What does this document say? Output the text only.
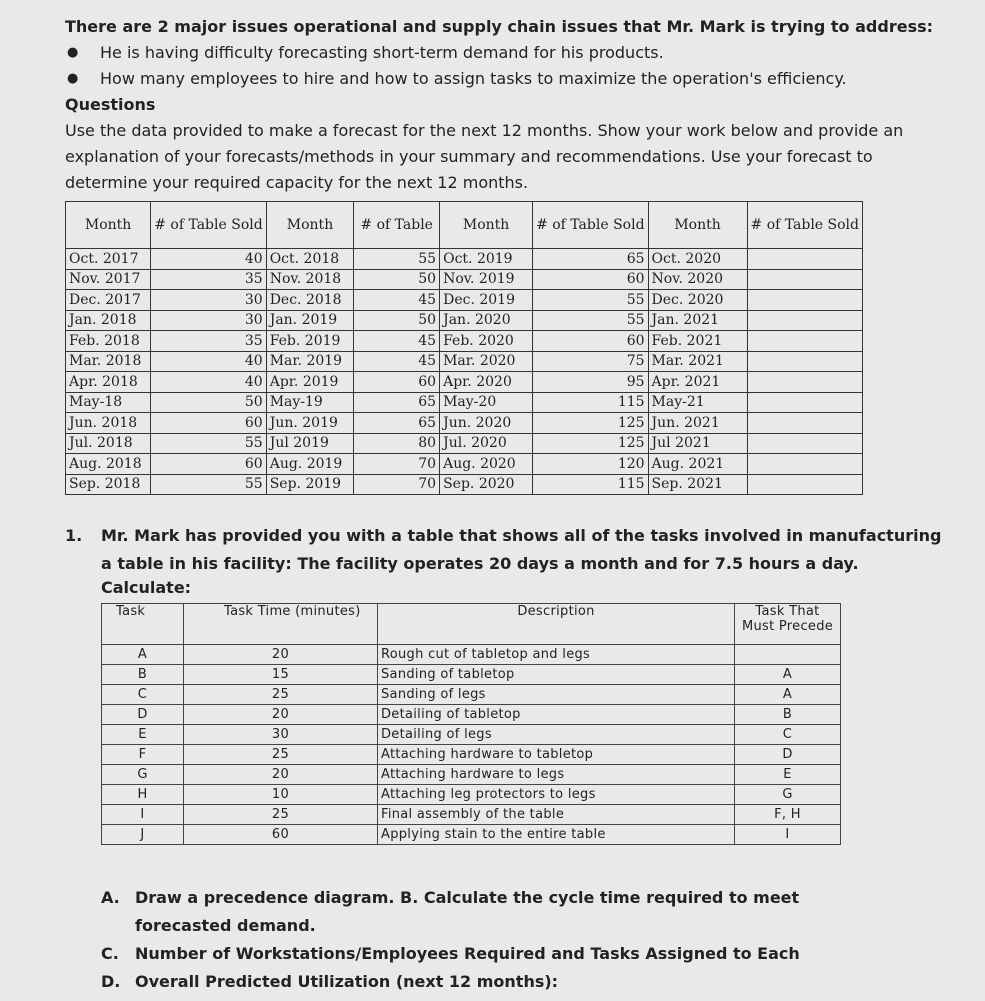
There are 2 major issues operational and supply chain issues that Mr. Mark is trying to address:
● He is having difficulty forecasting short-term demand for his products.
● How many employees to hire and how to assign tasks to maximize the operation's efficiency.
Questions
Use the data provided to make a forecast for the next 12 months. Show your work below and provide an explanation of your forecasts/methods in your summary and recommendations. Use your forecast to determine your required capacity for the next 12 months.
Month	# of Table Sold	Month	# of Table	Month	# of Table Sold	Month	# of Table Sold
Oct. 2017	40	Oct. 2018	55	Oct. 2019	65	Oct. 2020	
Nov. 2017	35	Nov. 2018	50	Nov. 2019	60	Nov. 2020	
Dec. 2017	30	Dec. 2018	45	Dec. 2019	55	Dec. 2020	
Jan. 2018	30	Jan. 2019	50	Jan. 2020	55	Jan. 2021	
Feb. 2018	35	Feb. 2019	45	Feb. 2020	60	Feb. 2021	
Mar. 2018	40	Mar. 2019	45	Mar. 2020	75	Mar. 2021	
Apr. 2018	40	Apr. 2019	60	Apr. 2020	95	Apr. 2021	
May-18	50	May-19	65	May-20	115	May-21	
Jun. 2018	60	Jun. 2019	65	Jun. 2020	125	Jun. 2021	
Jul. 2018	55	Jul 2019	80	Jul. 2020	125	Jul 2021	
Aug. 2018	60	Aug. 2019	70	Aug. 2020	120	Aug. 2021	
Sep. 2018	55	Sep. 2019	70	Sep. 2020	115	Sep. 2021	
1. Mr. Mark has provided you with a table that shows all of the tasks involved in manufacturing a table in his facility: The facility operates 20 days a month and for 7.5 hours a day.
Calculate:
Task	Task Time (minutes)	Description	Task That Must Precede
A	20	Rough cut of tabletop and legs	
B	15	Sanding of tabletop	A
C	25	Sanding of legs	A
D	20	Detailing of tabletop	B
E	30	Detailing of legs	C
F	25	Attaching hardware to tabletop	D
G	20	Attaching hardware to legs	E
H	10	Attaching leg protectors to legs	G
I	25	Final assembly of the table	F, H
J	60	Applying stain to the entire table	I
A. Draw a precedence diagram. B. Calculate the cycle time required to meet forecasted demand.
C. Number of Workstations/Employees Required and Tasks Assigned to Each
D. Overall Predicted Utilization (next 12 months):
